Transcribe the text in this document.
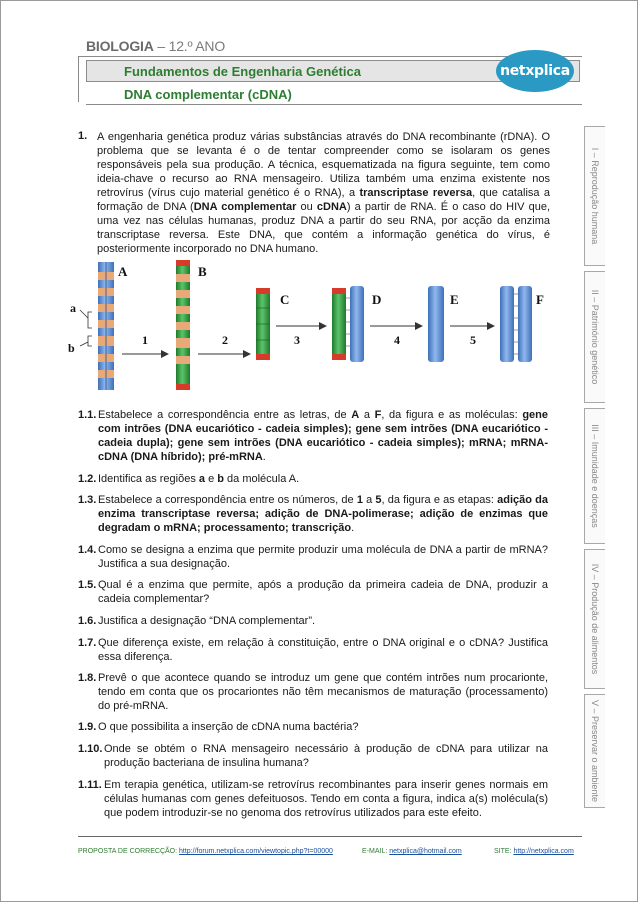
BIOLOGIA – 12.º ANO
Fundamentos de Engenharia Genética
DNA complementar (cDNA)
netxplica
I – Reprodução humana
II – Património genético
III – Imunidade e doenças
IV – Produção de alimentos
V – Preservar o ambiente
1. A engenharia genética produz várias substâncias através do DNA recombinante (rDNA). O problema que se levanta é o de tentar compreender como se isolaram os genes responsáveis pela sua produção. A técnica, esquematizada na figura seguinte, tem como ideia-chave o recurso ao RNA mensageiro. Utiliza também uma enzima existente nos retrovírus (vírus cujo material genético é o RNA), a transcriptase reversa, que catalisa a formação de DNA (DNA complementar ou cDNA) a partir de RNA. É o caso do HIV que, uma vez nas células humanas, produz DNA a partir do seu RNA, por acção da enzima transcriptase reversa. Este DNA, que contém a informação genética do vírus, é posteriormente incorporado no DNA humano.
A	B
C	D	E	F
1	2	3	4	5
a
b
1.1. Estabelece a correspondência entre as letras, de A a F, da figura e as moléculas: gene com intrões (DNA eucariótico - cadeia simples); gene sem intrões (DNA eucariótico - cadeia dupla); gene sem intrões (DNA eucariótico - cadeia simples); mRNA; mRNA-cDNA (DNA híbrido); pré-mRNA.
1.2. Identifica as regiões a e b da molécula A.
1.3. Estabelece a correspondência entre os números, de 1 a 5, da figura e as etapas: adição da enzima transcriptase reversa; adição de DNA-polimerase; adição de enzimas que degradam o mRNA; processamento; transcrição.
1.4. Como se designa a enzima que permite produzir uma molécula de DNA a partir de mRNA? Justifica a sua designação.
1.5. Qual é a enzima que permite, após a produção da primeira cadeia de DNA, produzir a cadeia complementar?
1.6. Justifica a designação “DNA complementar”.
1.7. Que diferença existe, em relação à constituição, entre o DNA original e o cDNA? Justifica essa diferença.
1.8. Prevê o que acontece quando se introduz um gene que contém intrões num procarionte, tendo em conta que os procariontes não têm mecanismos de maturação (processamento) do pré-mRNA.
1.9. O que possibilita a inserção de cDNA numa bactéria?
1.10. Onde se obtém o RNA mensageiro necessário à produção de cDNA para utilizar na produção bacteriana de insulina humana?
1.11. Em terapia genética, utilizam-se retrovírus recombinantes para inserir genes normais em células humanas com genes defeituosos. Tendo em conta a figura, indica a(s) molécula(s) que podem introduzir-se no genoma dos retrovírus utilizados para este efeito.
PROPOSTA DE CORRECÇÃO: http://forum.netxplica.com/viewtopic.php?t=00000	E-MAIL: netxplica@hotmail.com	SITE: http://netxplica.com
